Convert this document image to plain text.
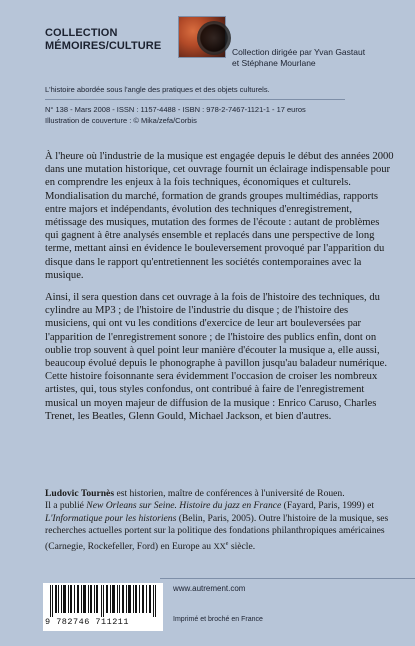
COLLECTION
MÉMOIRES/CULTURE	Collection dirigée par Yvan Gastaut
et Stéphane Mourlane
L'histoire abordée sous l'angle des pratiques et des objets culturels.
N° 138 - Mars 2008 - ISSN : 1157-4488 - ISBN : 978-2-7467-1121-1 - 17 euros
Illustration de couverture : © Mika/zefa/Corbis

À l'heure où l'industrie de la musique est engagée depuis le début des années 2000 dans une mutation historique, cet ouvrage fournit un éclairage indispensable pour en comprendre les enjeux à la fois techniques, économiques et culturels. Mondialisation du marché, formation de grands groupes multimédias, rapports entre majors et indépendants, évolution des techniques d'enregistrement, métissage des musiques, mutation des formes de l'écoute : autant de problèmes qui gagnent à être analysés ensemble et replacés dans une perspective de long terme, mettant ainsi en évidence le bouleversement provoqué par l'apparition du disque dans le rapport qu'entretiennent les sociétés contemporaines avec la musique.

Ainsi, il sera question dans cet ouvrage à la fois de l'histoire des techniques, du cylindre au MP3 ; de l'histoire de l'industrie du disque ; de l'histoire des musiciens, qui ont vu les conditions d'exercice de leur art bouleversées par l'apparition de l'enregistrement sonore ; de l'histoire des publics enfin, dont on oublie trop souvent à quel point leur manière d'écouter la musique a, elle aussi, beaucoup évolué depuis le phonographe à pavillon jusqu'au baladeur numérique. Cette histoire foisonnante sera évidemment l'occasion de croiser les nombreux artistes, qui, tous styles confondus, ont contribué à faire de l'enregistrement musical un moyen majeur de diffusion de la musique : Enrico Caruso, Charles Trenet, les Beatles, Glenn Gould, Michael Jackson, et bien d'autres.

Ludovic Tournès est historien, maître de conférences à l'université de Rouen.
Il a publié New Orleans sur Seine. Histoire du jazz en France (Fayard, Paris, 1999) et L'Informatique pour les historiens (Belin, Paris, 2005). Outre l'histoire de la musique, ses recherches actuelles portent sur la politique des fondations philanthropiques américaines (Carnegie, Rockefeller, Ford) en Europe au XXe siècle.

9 782746 711211
www.autrement.com
Imprimé et broché en France
